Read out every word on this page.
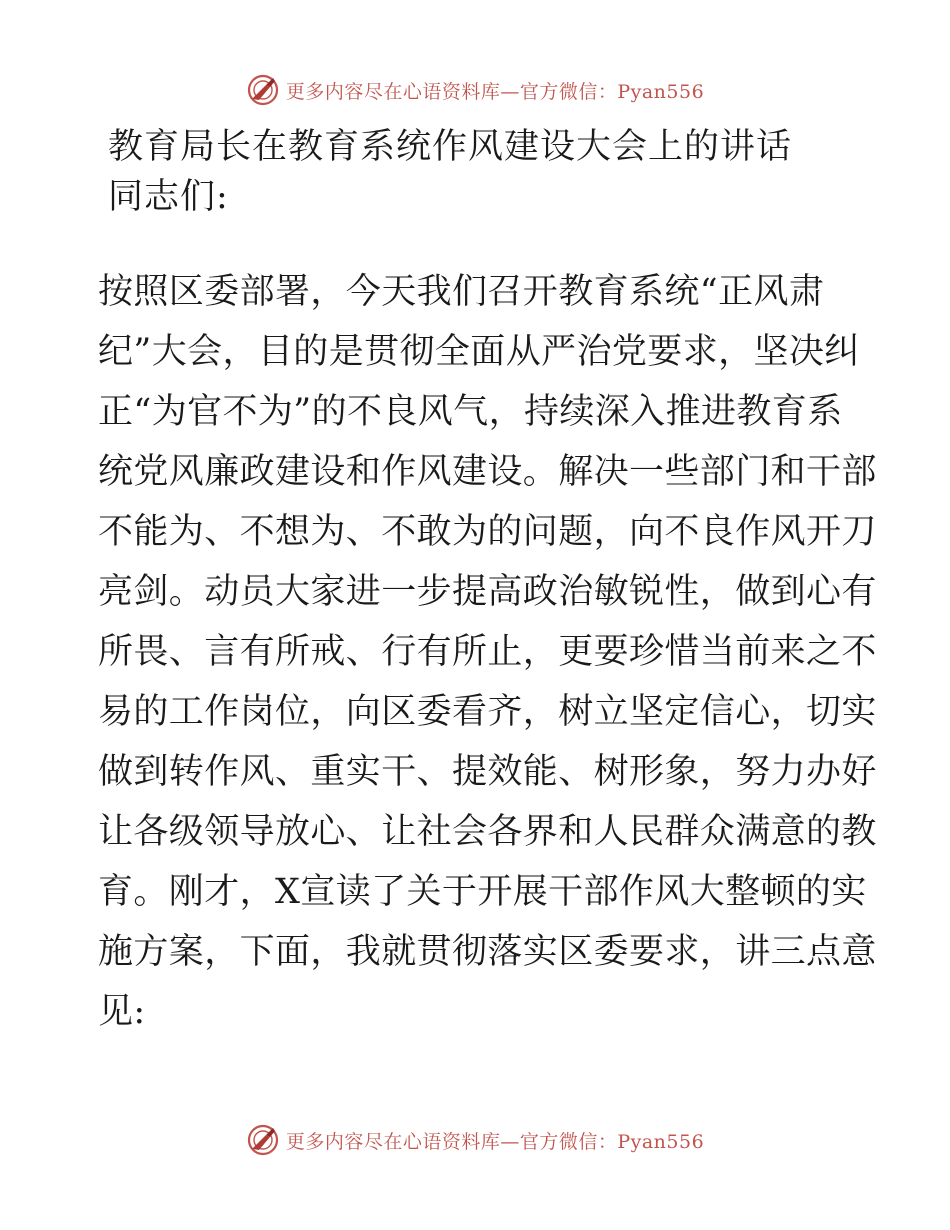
更多内容尽在心语资料库—官方微信：Pyan556
教育局长在教育系统作风建设大会上的讲话
同志们:
按照区委部署，今天我们召开教育系统“正风肃
纪”大会，目的是贯彻全面从严治党要求，坚决纠
正“为官不为”的不良风气，持续深入推进教育系
统党风廉政建设和作风建设。解决一些部门和干部
不能为、不想为、不敢为的问题，向不良作风开刀
亮剑。动员大家进一步提高政治敏锐性，做到心有
所畏、言有所戒、行有所止，更要珍惜当前来之不
易的工作岗位，向区委看齐，树立坚定信心，切实
做到转作风、重实干、提效能、树形象，努力办好
让各级领导放心、让社会各界和人民群众满意的教
育。刚才，X宣读了关于开展干部作风大整顿的实
施方案，下面，我就贯彻落实区委要求，讲三点意
见:
更多内容尽在心语资料库—官方微信：Pyan556
